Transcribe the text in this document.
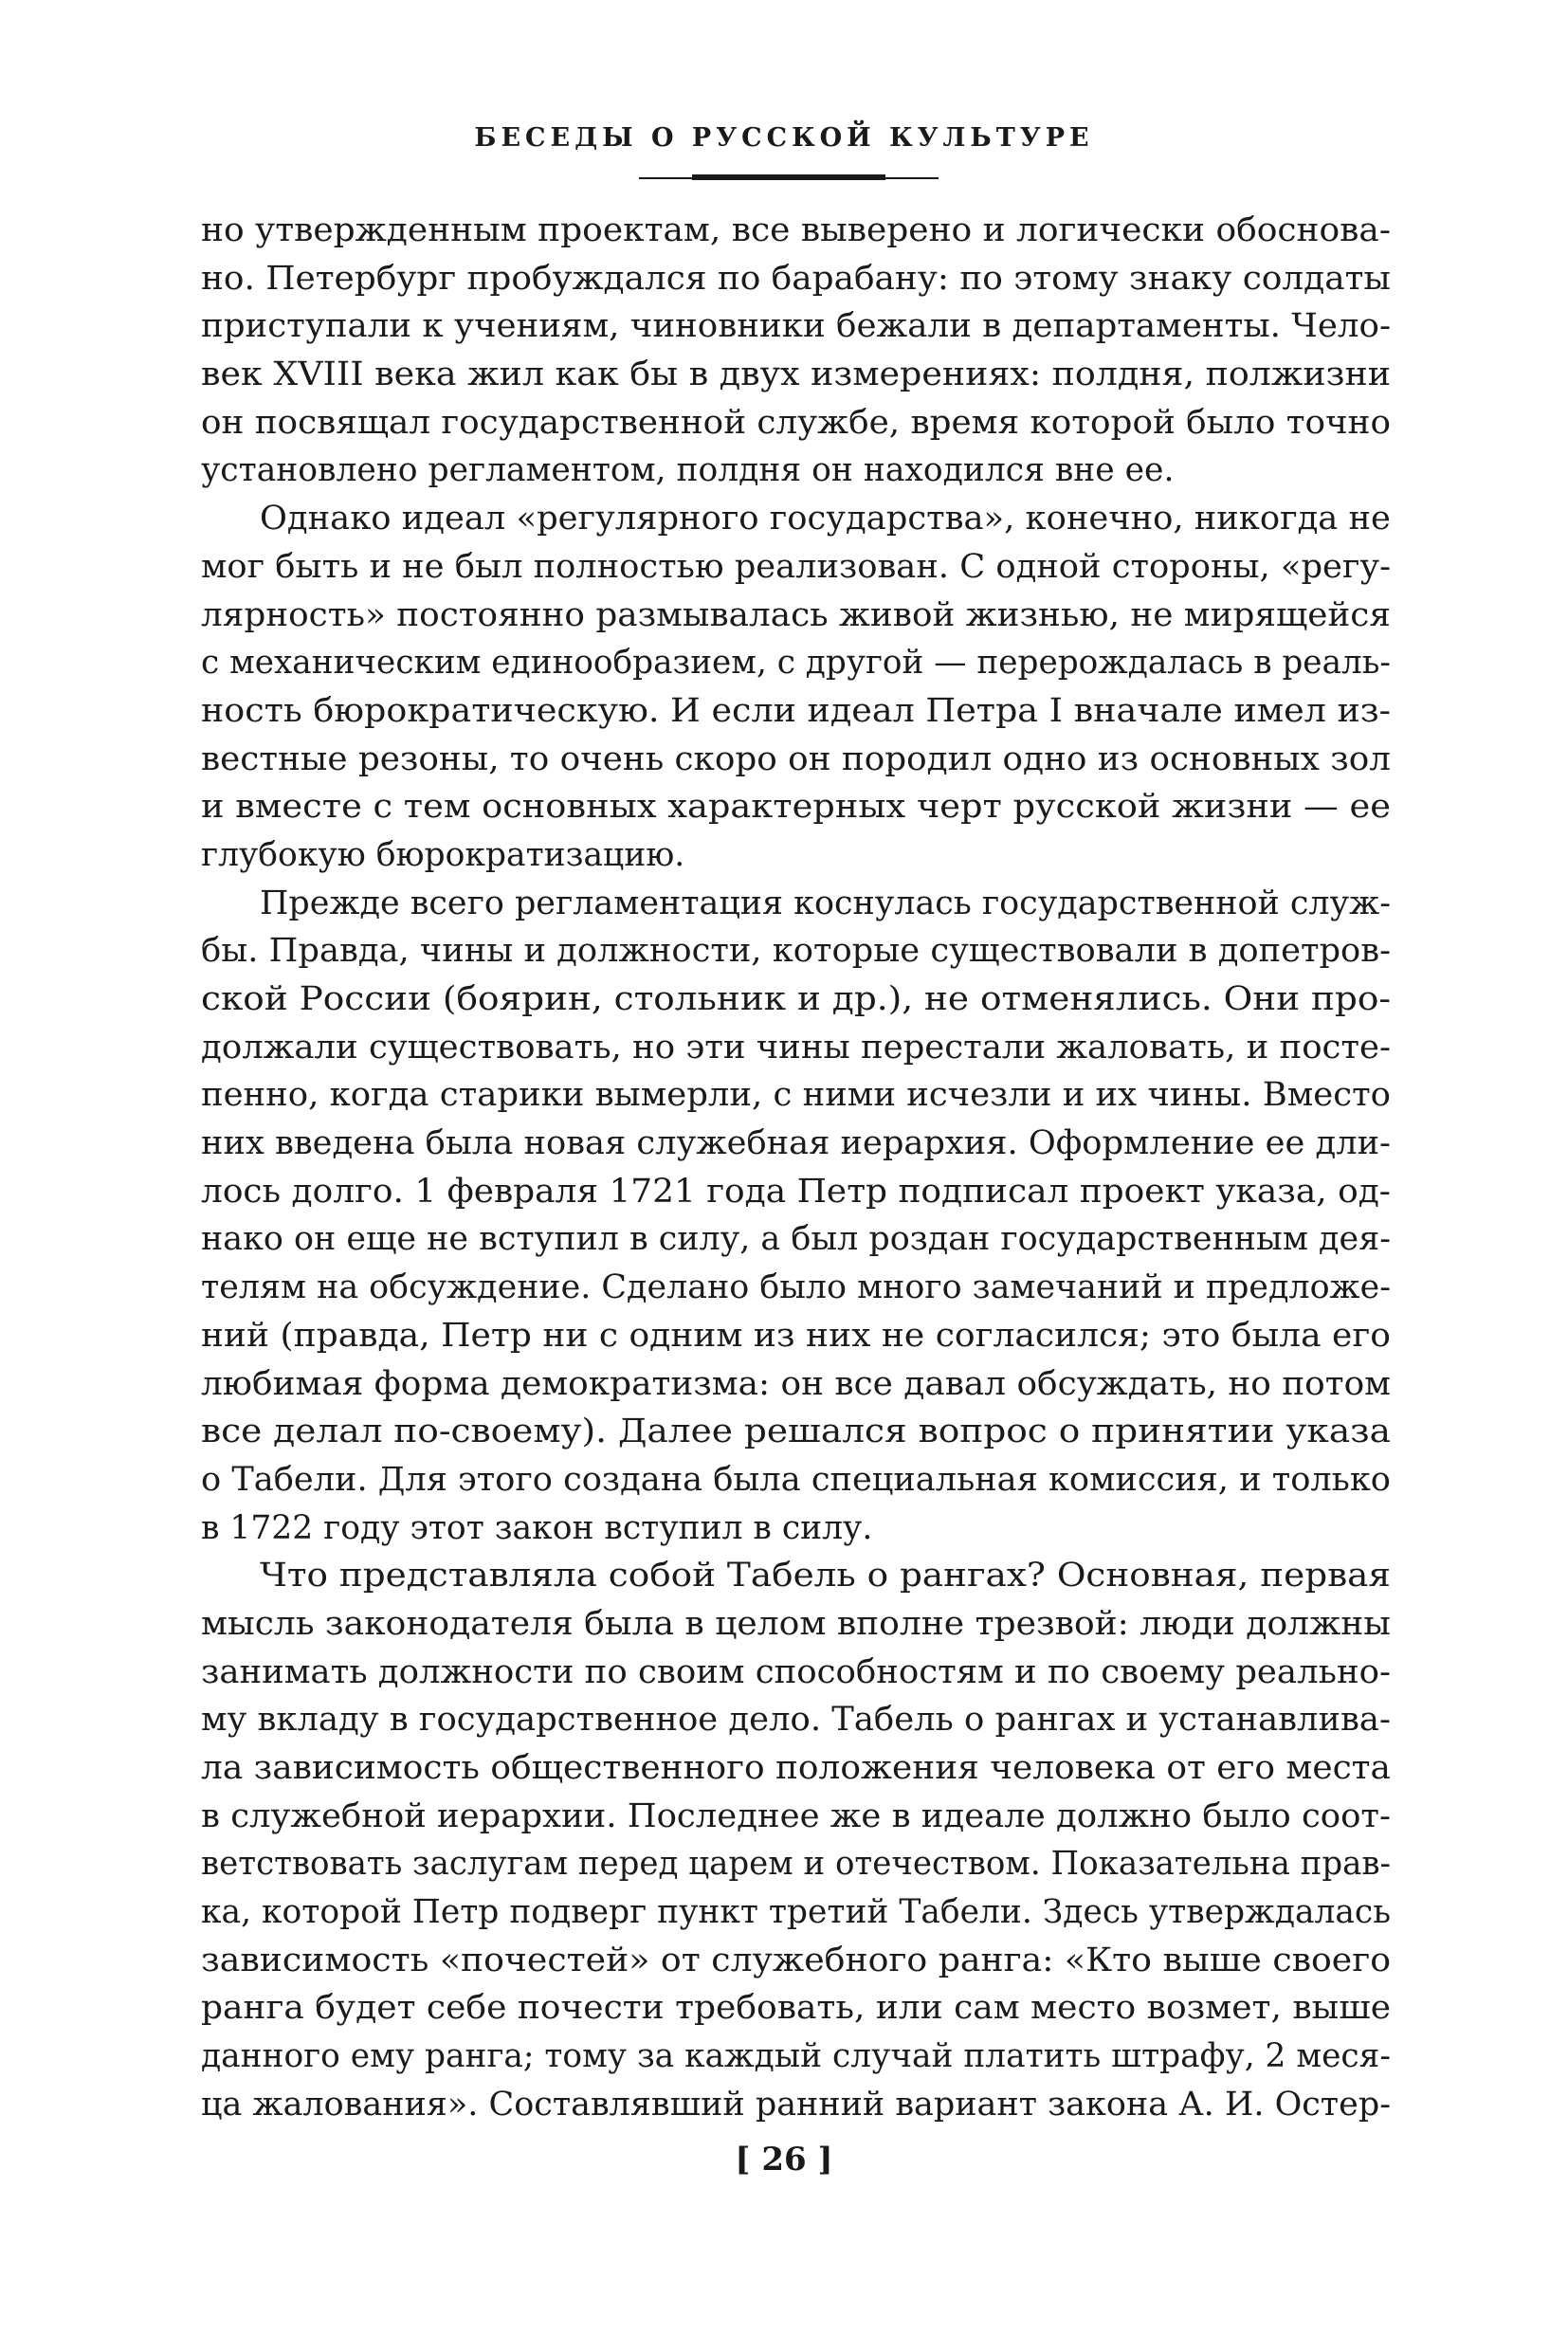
БЕСЕДЫ О РУССКОЙ КУЛЬТУРЕ
но утвержденным проектам, все выверено и логически обоснова-
но. Петербург пробуждался по барабану: по этому знаку солдаты
приступали к учениям, чиновники бежали в департаменты. Чело-
век XVIII века жил как бы в двух измерениях: полдня, полжизни
он посвящал государственной службе, время которой было точно
установлено регламентом, полдня он находился вне ее.
Однако идеал «регулярного государства», конечно, никогда не
мог быть и не был полностью реализован. С одной стороны, «регу-
лярность» постоянно размывалась живой жизнью, не мирящейся
с механическим единообразием, с другой — перерождалась в реаль-
ность бюрократическую. И если идеал Петра I вначале имел из-
вестные резоны, то очень скоро он породил одно из основных зол
и вместе с тем основных характерных черт русской жизни — ее
глубокую бюрократизацию.
Прежде всего регламентация коснулась государственной служ-
бы. Правда, чины и должности, которые существовали в допетров-
ской России (боярин, стольник и др.), не отменялись. Они про-
должали существовать, но эти чины перестали жаловать, и посте-
пенно, когда старики вымерли, с ними исчезли и их чины. Вместо
них введена была новая служебная иерархия. Оформление ее дли-
лось долго. 1 февраля 1721 года Петр подписал проект указа, од-
нако он еще не вступил в силу, а был роздан государственным дея-
телям на обсуждение. Сделано было много замечаний и предложе-
ний (правда, Петр ни с одним из них не согласился; это была его
любимая форма демократизма: он все давал обсуждать, но потом
все делал по-своему). Далее решался вопрос о принятии указа
о Табели. Для этого создана была специальная комиссия, и только
в 1722 году этот закон вступил в силу.
Что представляла собой Табель о рангах? Основная, первая
мысль законодателя была в целом вполне трезвой: люди должны
занимать должности по своим способностям и по своему реально-
му вкладу в государственное дело. Табель о рангах и устанавлива-
ла зависимость общественного положения человека от его места
в служебной иерархии. Последнее же в идеале должно было соот-
ветствовать заслугам перед царем и отечеством. Показательна прав-
ка, которой Петр подверг пункт третий Табели. Здесь утверждалась
зависимость «почестей» от служебного ранга: «Кто выше своего
ранга будет себе почести требовать, или сам место возмет, выше
данного ему ранга; тому за каждый случай платить штрафу, 2 меся-
ца жалования». Составлявший ранний вариант закона А. И. Остер-
[ 26 ]
